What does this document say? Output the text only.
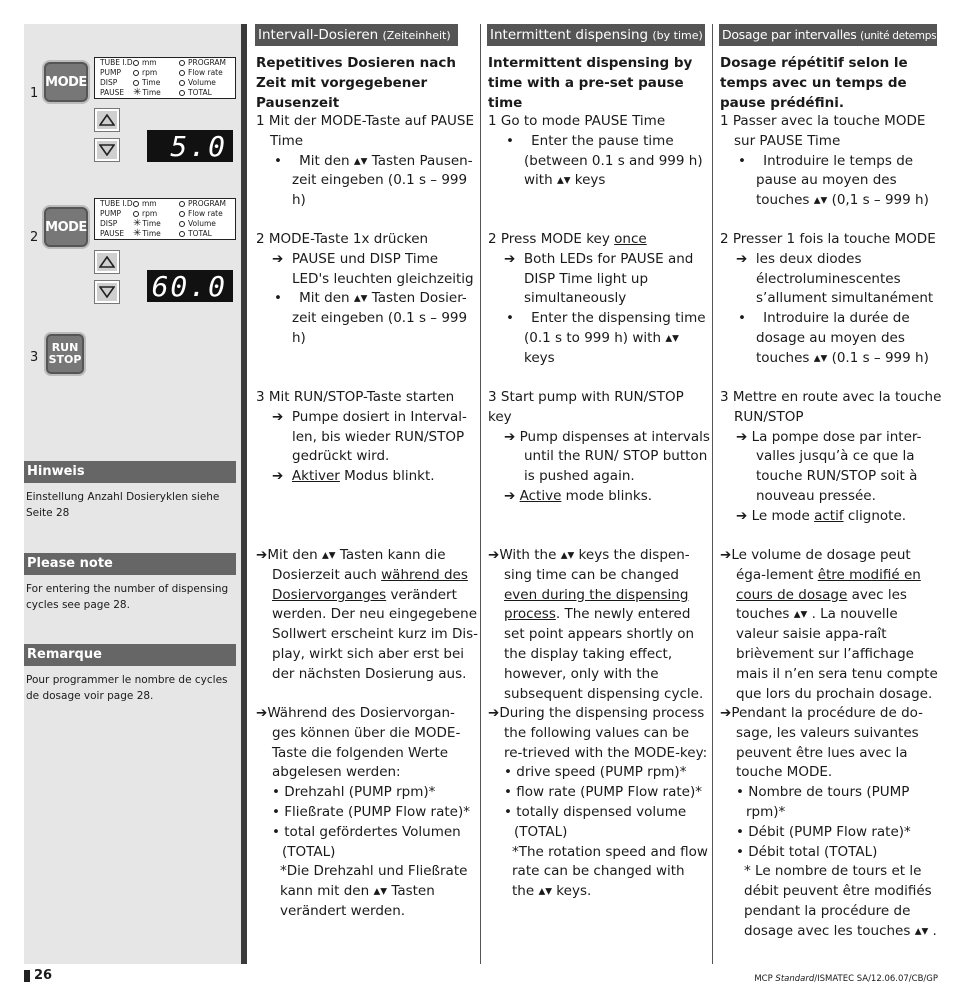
1
MODE
TUBE I.D.
PUMP
DISP
PAUSE
mm
rpm
Time
✳Time
PROGRAM
Flow rate
Volume
TOTAL
5.0
2
MODE
TUBE I.D.
PUMP
DISP
PAUSE
mm
rpm
✳Time
✳Time
PROGRAM
Flow rate
Volume
TOTAL
60.0
3
RUN
STOP
Hinweis
Einstellung Anzahl Dosieryklen siehe Seite 28
Please note
For entering the number of dispensing cycles see page 28.
Remarque
Pour programmer le nombre de cycles de dosage voir page 28.
Intervall-Dosieren (Zeiteinheit)
Repetitives Dosieren nach Zeit mit vorgegebener Pausenzeit
1 Mit der MODE-Taste auf PAUSE Time
•    Mit den ▴▾ Tasten Pausen-zeit eingeben (0.1 s – 999 h)
2 MODE-Taste 1x drücken
➔  PAUSE und DISP Time LED's leuchten gleichzeitig
•    Mit den ▴▾ Tasten Dosier-zeit eingeben (0.1 s – 999 h)
3 Mit RUN/STOP-Taste starten
➔  Pumpe dosiert in Interval-len, bis wieder RUN/STOP gedrückt wird.
➔  Aktiver Modus blinkt.
➔Mit den ▴▾ Tasten kann die Dosierzeit auch während des Dosiervorganges verändert werden. Der neu eingegebene Sollwert erscheint kurz im Dis-play, wirkt sich aber erst bei der nächsten Dosierung aus.
➔Während des Dosiervorgan-ges können über die MODE-Taste die folgenden Werte abgelesen werden:
• Drehzahl (PUMP rpm)*
• Fließrate (PUMP Flow rate)*
• total gefördertes Volumen (TOTAL)
*Die Drehzahl und Fließrate kann mit den ▴▾ Tasten verändert werden.
Intermittent dispensing (by time)
Intermittent dispensing by time with a pre-set pause time
1 Go to mode PAUSE Time
•    Enter the pause time (between 0.1 s and 999 h) with ▴▾ keys
2 Press MODE key once
➔  Both LEDs for PAUSE and DISP Time light up simultaneously
•    Enter the dispensing time (0.1 s to 999 h) with ▴▾ keys
3 Start pump with RUN/STOP key
➔ Pump dispenses at intervals until the RUN/ STOP button is pushed again.
➔ Active mode blinks.
➔With the ▴▾ keys the dispen-sing time can be changed even during the dispensing process. The newly entered set point appears shortly on the display taking effect, however, only with the subsequent dispensing cycle.
➔During the dispensing process the following values can be re-trieved with the MODE-key:
• drive speed (PUMP rpm)*
• flow rate (PUMP Flow rate)*
• totally dispensed volume (TOTAL)
*The rotation speed and flow rate can be changed with the ▴▾ keys.
Dosage par intervalles (unité detemps)
Dosage répétitif selon le temps avec un temps de pause prédéfini.
1 Passer avec la touche MODE sur PAUSE Time
•    Introduire le temps de pause au moyen des touches ▴▾ (0,1 s – 999 h)
2 Presser 1 fois la touche MODE
➔  les deux diodes électroluminescentes s’allument simultanément
•    Introduire la durée de dosage au moyen des touches ▴▾ (0.1 s – 999 h)
3 Mettre en route avec la touche RUN/STOP
➔ La pompe dose par inter-valles jusqu’à ce que la touche RUN/STOP soit à nouveau pressée.
➔ Le mode actif clignote.
➔Le volume de dosage peut éga-lement être modifié en cours de dosage avec les touches ▴▾ . La nouvelle valeur saisie appa-raît brièvement sur l’affichage mais il n’en sera tenu compte que lors du prochain dosage.
➔Pendant la procédure de do-sage, les valeurs suivantes peuvent être lues avec la touche MODE.
• Nombre de tours (PUMP rpm)*
• Débit (PUMP Flow rate)*
• Débit total (TOTAL)
* Le nombre de tours et le débit peuvent être modifiés pendant la procédure de dosage avec les touches ▴▾ .
26	MCP Standard/ISMATEC SA/12.06.07/CB/GP
